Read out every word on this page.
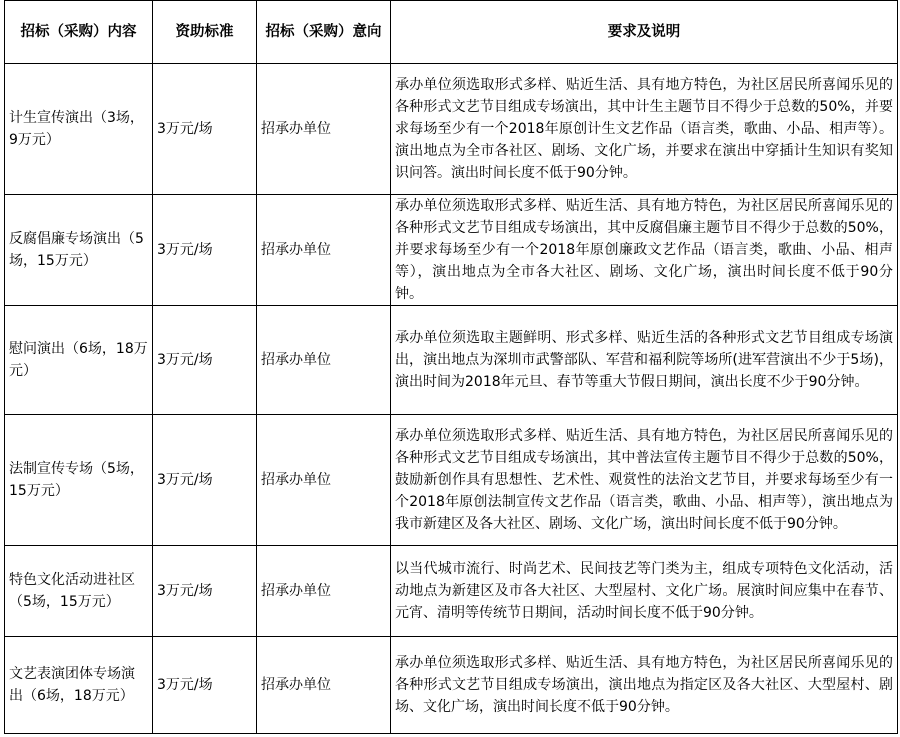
招标（采购）内容	资助标准	招标（采购）意向	要求及说明
计生宣传演出（3场，9万元）	3万元/场	招承办单位	承办单位须选取形式多样、贴近生活、具有地方特色，为社区居民所喜闻乐见的各种形式文艺节目组成专场演出，其中计生主题节目不得少于总数的50%，并要求每场至少有一个2018年原创计生文艺作品（语言类，歌曲、小品、相声等）。演出地点为全市各社区、剧场、文化广场，并要求在演出中穿插计生知识有奖知识问答。演出时间长度不低于90分钟。
反腐倡廉专场演出（5场，15万元）	3万元/场	招承办单位	承办单位须选取形式多样、贴近生活、具有地方特色，为社区居民所喜闻乐见的各种形式文艺节目组成专场演出，其中反腐倡廉主题节目不得少于总数的50%，并要求每场至少有一个2018年原创廉政文艺作品（语言类，歌曲、小品、相声等），演出地点为全市各大社区、剧场、文化广场，演出时间长度不低于90分钟。
慰问演出（6场，18万元）	3万元/场	招承办单位	承办单位须选取主题鲜明、形式多样、贴近生活的各种形式文艺节目组成专场演出，演出地点为深圳市武警部队、军营和福利院等场所(进军营演出不少于5场)，演出时间为2018年元旦、春节等重大节假日期间，演出长度不少于90分钟。
法制宣传专场（5场，15万元）	3万元/场	招承办单位	承办单位须选取形式多样、贴近生活、具有地方特色，为社区居民所喜闻乐见的各种形式文艺节目组成专场演出，其中普法宣传主题节目不得少于总数的50%，鼓励新创作具有思想性、艺术性、观赏性的法治文艺节目，并要求每场至少有一个2018年原创法制宣传文艺作品（语言类，歌曲、小品、相声等），演出地点为我市新建区及各大社区、剧场、文化广场，演出时间长度不低于90分钟。
特色文化活动进社区（5场，15万元）	3万元/场	招承办单位	以当代城市流行、时尚艺术、民间技艺等门类为主，组成专项特色文化活动，活动地点为新建区及市各大社区、大型屋村、文化广场。展演时间应集中在春节、元宵、清明等传统节日期间，活动时间长度不低于90分钟。
文艺表演团体专场演出（6场，18万元）	3万元/场	招承办单位	承办单位须选取形式多样、贴近生活、具有地方特色，为社区居民所喜闻乐见的各种形式文艺节目组成专场演出，演出地点为指定区及各大社区、大型屋村、剧场、文化广场，演出时间长度不低于90分钟。
